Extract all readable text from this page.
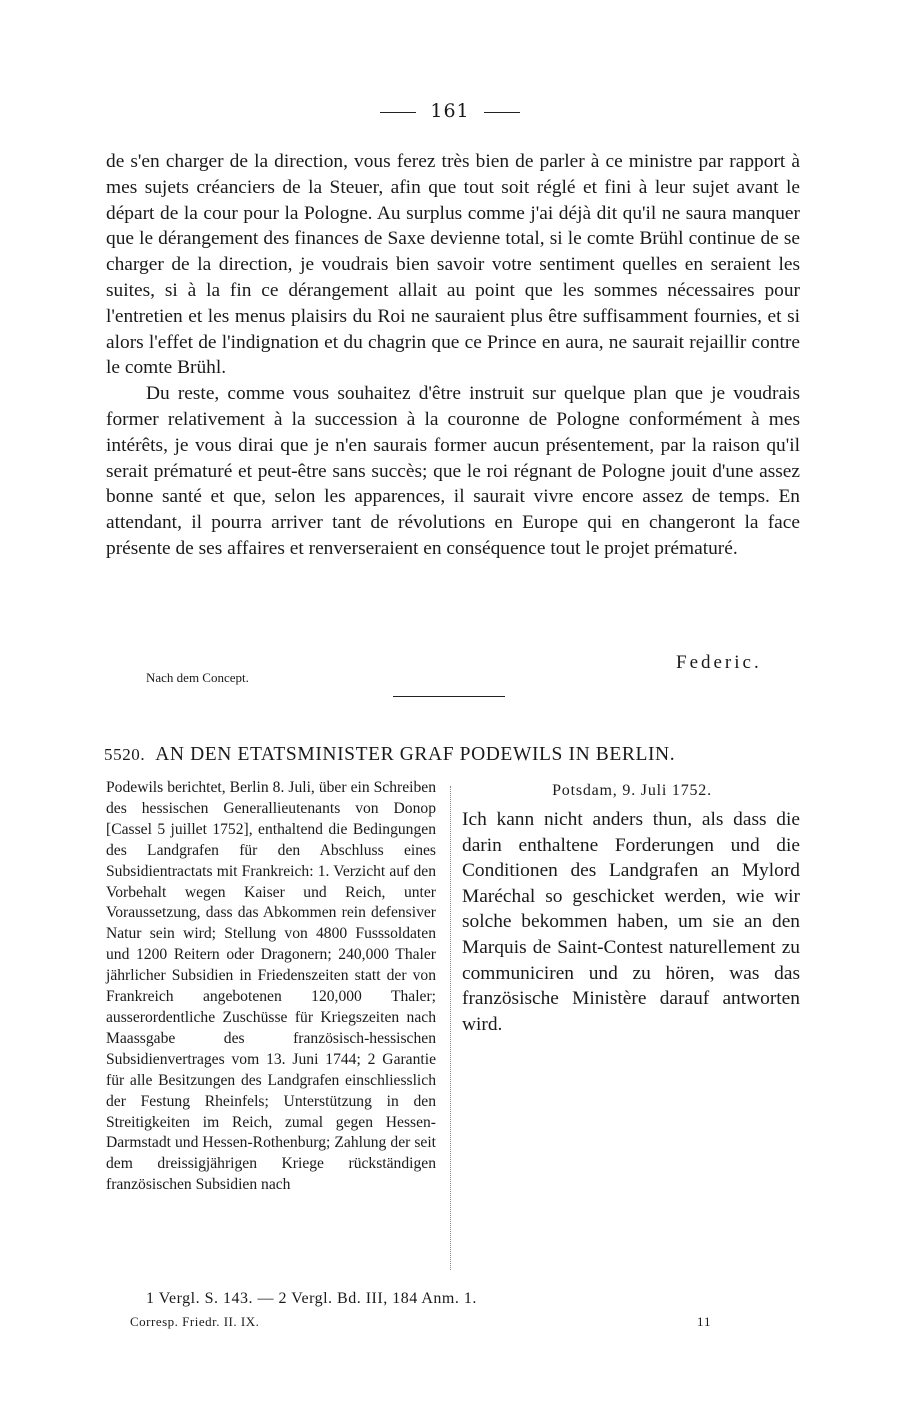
161

de s'en charger de la direction, vous ferez très bien de parler à ce ministre par rapport à mes sujets créanciers de la Steuer, afin que tout soit réglé et fini à leur sujet avant le départ de la cour pour la Pologne. Au surplus comme j'ai déjà dit qu'il ne saura manquer que le dérangement des finances de Saxe devienne total, si le comte Brühl continue de se charger de la direction, je voudrais bien savoir votre sentiment quelles en seraient les suites, si à la fin ce dérangement allait au point que les sommes nécessaires pour l'entretien et les menus plaisirs du Roi ne sauraient plus être suffisamment fournies, et si alors l'effet de l'indignation et du chagrin que ce Prince en aura, ne saurait rejaillir contre le comte Brühl.

Du reste, comme vous souhaitez d'être instruit sur quelque plan que je voudrais former relativement à la succession à la couronne de Pologne conformément à mes intérêts, je vous dirai que je n'en saurais former aucun présentement, par la raison qu'il serait prématuré et peut-être sans succès; que le roi régnant de Pologne jouit d'une assez bonne santé et que, selon les apparences, il saurait vivre encore assez de temps. En attendant, il pourra arriver tant de révolutions en Europe qui en changeront la face présente de ses affaires et renverseraient en conséquence tout le projet prématuré.

Federic.
Nach dem Concept.
5520. AN DEN ETATSMINISTER GRAF PODEWILS IN BERLIN.
Podewils berichtet, Berlin 8. Juli, über ein Schreiben des hessischen Generallieutenants von Donop [Cassel 5 juillet 1752], enthaltend die Bedingungen des Landgrafen für den Abschluss eines Subsidientractats mit Frankreich: 1. Verzicht auf den Vorbehalt wegen Kaiser und Reich, unter Voraussetzung, dass das Abkommen rein defensiver Natur sein wird; Stellung von 4800 Fusssoldaten und 1200 Reitern oder Dragonern; 240,000 Thaler jährlicher Subsidien in Friedenszeiten statt der von Frankreich angebotenen 120,000 Thaler; ausserordentliche Zuschüsse für Kriegszeiten nach Maassgabe des französisch-hessischen Subsidienvertrages vom 13. Juni 1744; 2 Garantie für alle Besitzungen des Landgrafen einschliesslich der Festung Rheinfels; Unterstützung in den Streitigkeiten im Reich, zumal gegen Hessen-Darmstadt und Hessen-Rothenburg; Zahlung der seit dem dreissigjährigen Kriege rückständigen französischen Subsidien nach
Potsdam, 9. Juli 1752.
Ich kann nicht anders thun, als dass die darin enthaltene Forderungen und die Conditionen des Landgrafen an Mylord Maréchal so geschicket werden, wie wir solche bekommen haben, um sie an den Marquis de Saint-Contest naturellement zu communiciren und zu hören, was das französische Ministère darauf antworten wird.
1 Vergl. S. 143. — 2 Vergl. Bd. III, 184 Anm. 1.
Corresp. Friedr. II. IX.	11
